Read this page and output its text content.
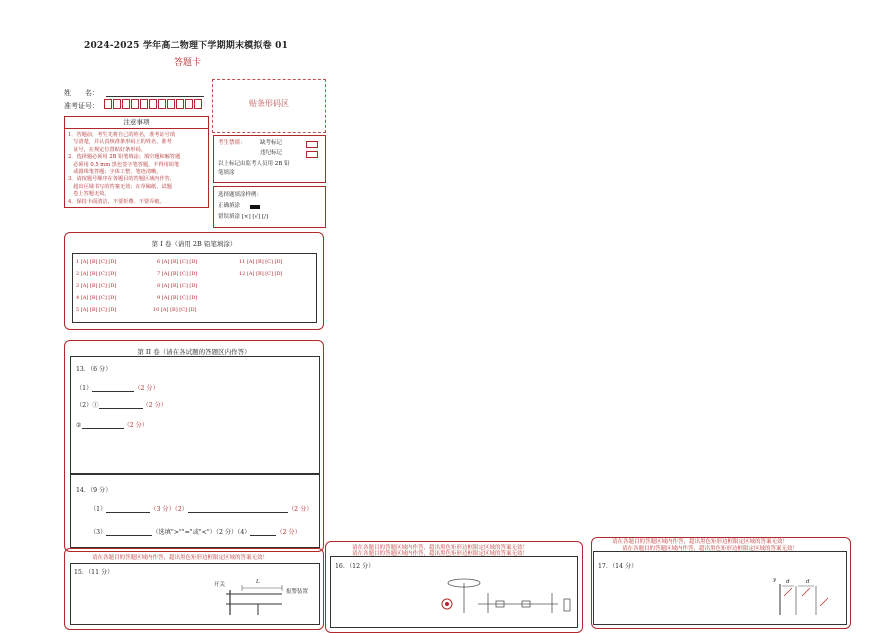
2024-2025 学年高二物理下学期期末模拟卷 01
答题卡
姓　　名：
准考证号：	贴条形码区
注意事项
1．答题前，考生先将自己的姓名，准考证号填
　写清楚，并认真核准条形码上的姓名、准考
　证号，在规定位置贴好条形码。
2．选择题必须用 2B 铅笔填涂；填空题和解答题
　必须用 0.5 mm 黑色签字笔答题，不得用铅笔
　或圆珠笔答题；字体工整、笔迹清晰。
3．请按题号顺序在各题目的答题区域内作答，
　超出区域书写的答案无效；在草稿纸、试题
　卷上答题无效。
4．保持卡面清洁，不要折叠、不要弄破。
考生禁填：	缺考标记
违纪标记
以上标记由监考人员用 2B 铅
笔填涂
选择题填涂样例：
正确填涂
错误填涂 [×] [√] [/]
第 I 卷（请用 2B 铅笔填涂）
1 [A] [B] [C] [D]
2 [A] [B] [C] [D]
3 [A] [B] [C] [D]
4 [A] [B] [C] [D]
5 [A] [B] [C] [D]
6 [A] [B] [C] [D]
7 [A] [B] [C] [D]
8 [A] [B] [C] [D]
9 [A] [B] [C] [D]
10 [A] [B] [C] [D]
11 [A] [B] [C] [D]
12 [A] [B] [C] [D]
第 II 卷（请在各试题的答题区内作答）
13．（6 分）
（1）	（2 分）
（2）①	（2 分）
②	（2 分）
14．（9 分）
（1）	（3 分）（2）	（2 分）
（3）	（选填">""="或"<"）（2 分）（4）	（2 分）
请在各题目的答题区域内作答，超出黑色矩形边框限定区域的答案无效！
15．（11 分）
开关	L
报警装置
请在各题目的答题区域内作答，超出黑色矩形边框限定区域的答案无效！
请在各题目的答题区域内作答，超出黑色矩形边框限定区域的答案无效！
16．（12 分）
请在各题目的答题区域内作答，超出黑色矩形边框限定区域的答案无效！
请在各题目的答题区域内作答，超出黑色矩形边框限定区域的答案无效！
17．（14 分）
y d	d
